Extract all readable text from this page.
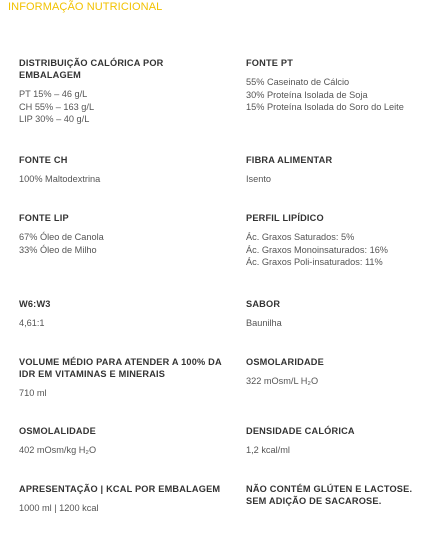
INFORMAÇÃO NUTRICIONAL
DISTRIBUIÇÃO CALÓRICA POR EMBALAGEM
PT 15% – 46 g/L
CH 55% – 163 g/L
LIP 30% – 40 g/L
FONTE PT
55% Caseinato de Cálcio
30% Proteína Isolada de Soja
15% Proteína Isolada do Soro do Leite
FONTE CH
100% Maltodextrina
FIBRA ALIMENTAR
Isento
FONTE LIP
67% Óleo de Canola
33% Óleo de Milho
PERFIL LIPÍDICO
Ác. Graxos Saturados: 5%
Ác. Graxos Monoinsaturados: 16%
Ác. Graxos Poli-insaturados: 11%
W6:W3
4,61:1
SABOR
Baunilha
VOLUME MÉDIO PARA ATENDER A 100% DA IDR EM VITAMINAS E MINERAIS
710 ml
OSMOLARIDADE
322 mOsm/L H₂O
OSMOLALIDADE
402 mOsm/kg H₂O
DENSIDADE CALÓRICA
1,2 kcal/ml
APRESENTAÇÃO | KCAL POR EMBALAGEM
1000 ml | 1200 kcal
NÃO CONTÉM GLÚTEN E LACTOSE. SEM ADIÇÃO DE SACAROSE.
